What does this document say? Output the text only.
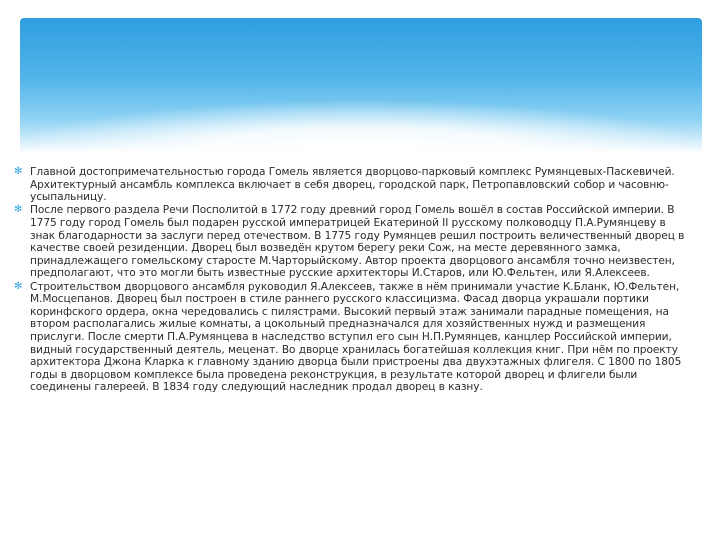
✻ Главной достопримечательностью города Гомель является дворцово-парковый комплекс Румянцевых-Паскевичей. Архитектурный ансамбль комплекса включает в себя дворец, городской парк, Петропавловский собор и часовню-усыпальницу.
✻ После первого раздела Речи Посполитой в 1772 году древний город Гомель вошёл в состав Российской империи. В 1775 году город Гомель был подарен русской императрицей Екатериной II русскому полководцу П.А.Румянцеву в знак благодарности за заслуги перед отечеством. В 1775 году Румянцев решил построить величественный дворец в качестве своей резиденции. Дворец был возведён крутом берегу реки Сож, на месте деревянного замка, принадлежащего гомельскому старосте М.Чарторыйскому. Автор проекта дворцового ансамбля точно неизвестен, предполагают, что это могли быть известные русские архитекторы И.Старов, или Ю.Фельтен, или Я.Алексеев.
✻ Строительством дворцового ансамбля руководил Я.Алексеев, также в нём принимали участие К.Бланк, Ю.Фельтен, М.Мосцепанов. Дворец был построен в стиле раннего русского классицизма. Фасад дворца украшали портики коринфского ордера, окна чередовались с пилястрами. Высокий первый этаж занимали парадные помещения, на втором располагались жилые комнаты, а цокольный предназначался для хозяйственных нужд и размещения прислуги. После смерти П.А.Румянцева в наследство вступил его сын Н.П.Румянцев, канцлер Российской империи, видный государственный деятель, меценат. Во дворце хранилась богатейшая коллекция книг. При нём по проекту архитектора Джона Кларка к главному зданию дворца были пристроены два двухэтажных флигеля. С 1800 по 1805 годы в дворцовом комплексе была проведена реконструкция, в результате которой дворец и флигели были соединены галереей. В 1834 году следующий наследник продал дворец в казну.
